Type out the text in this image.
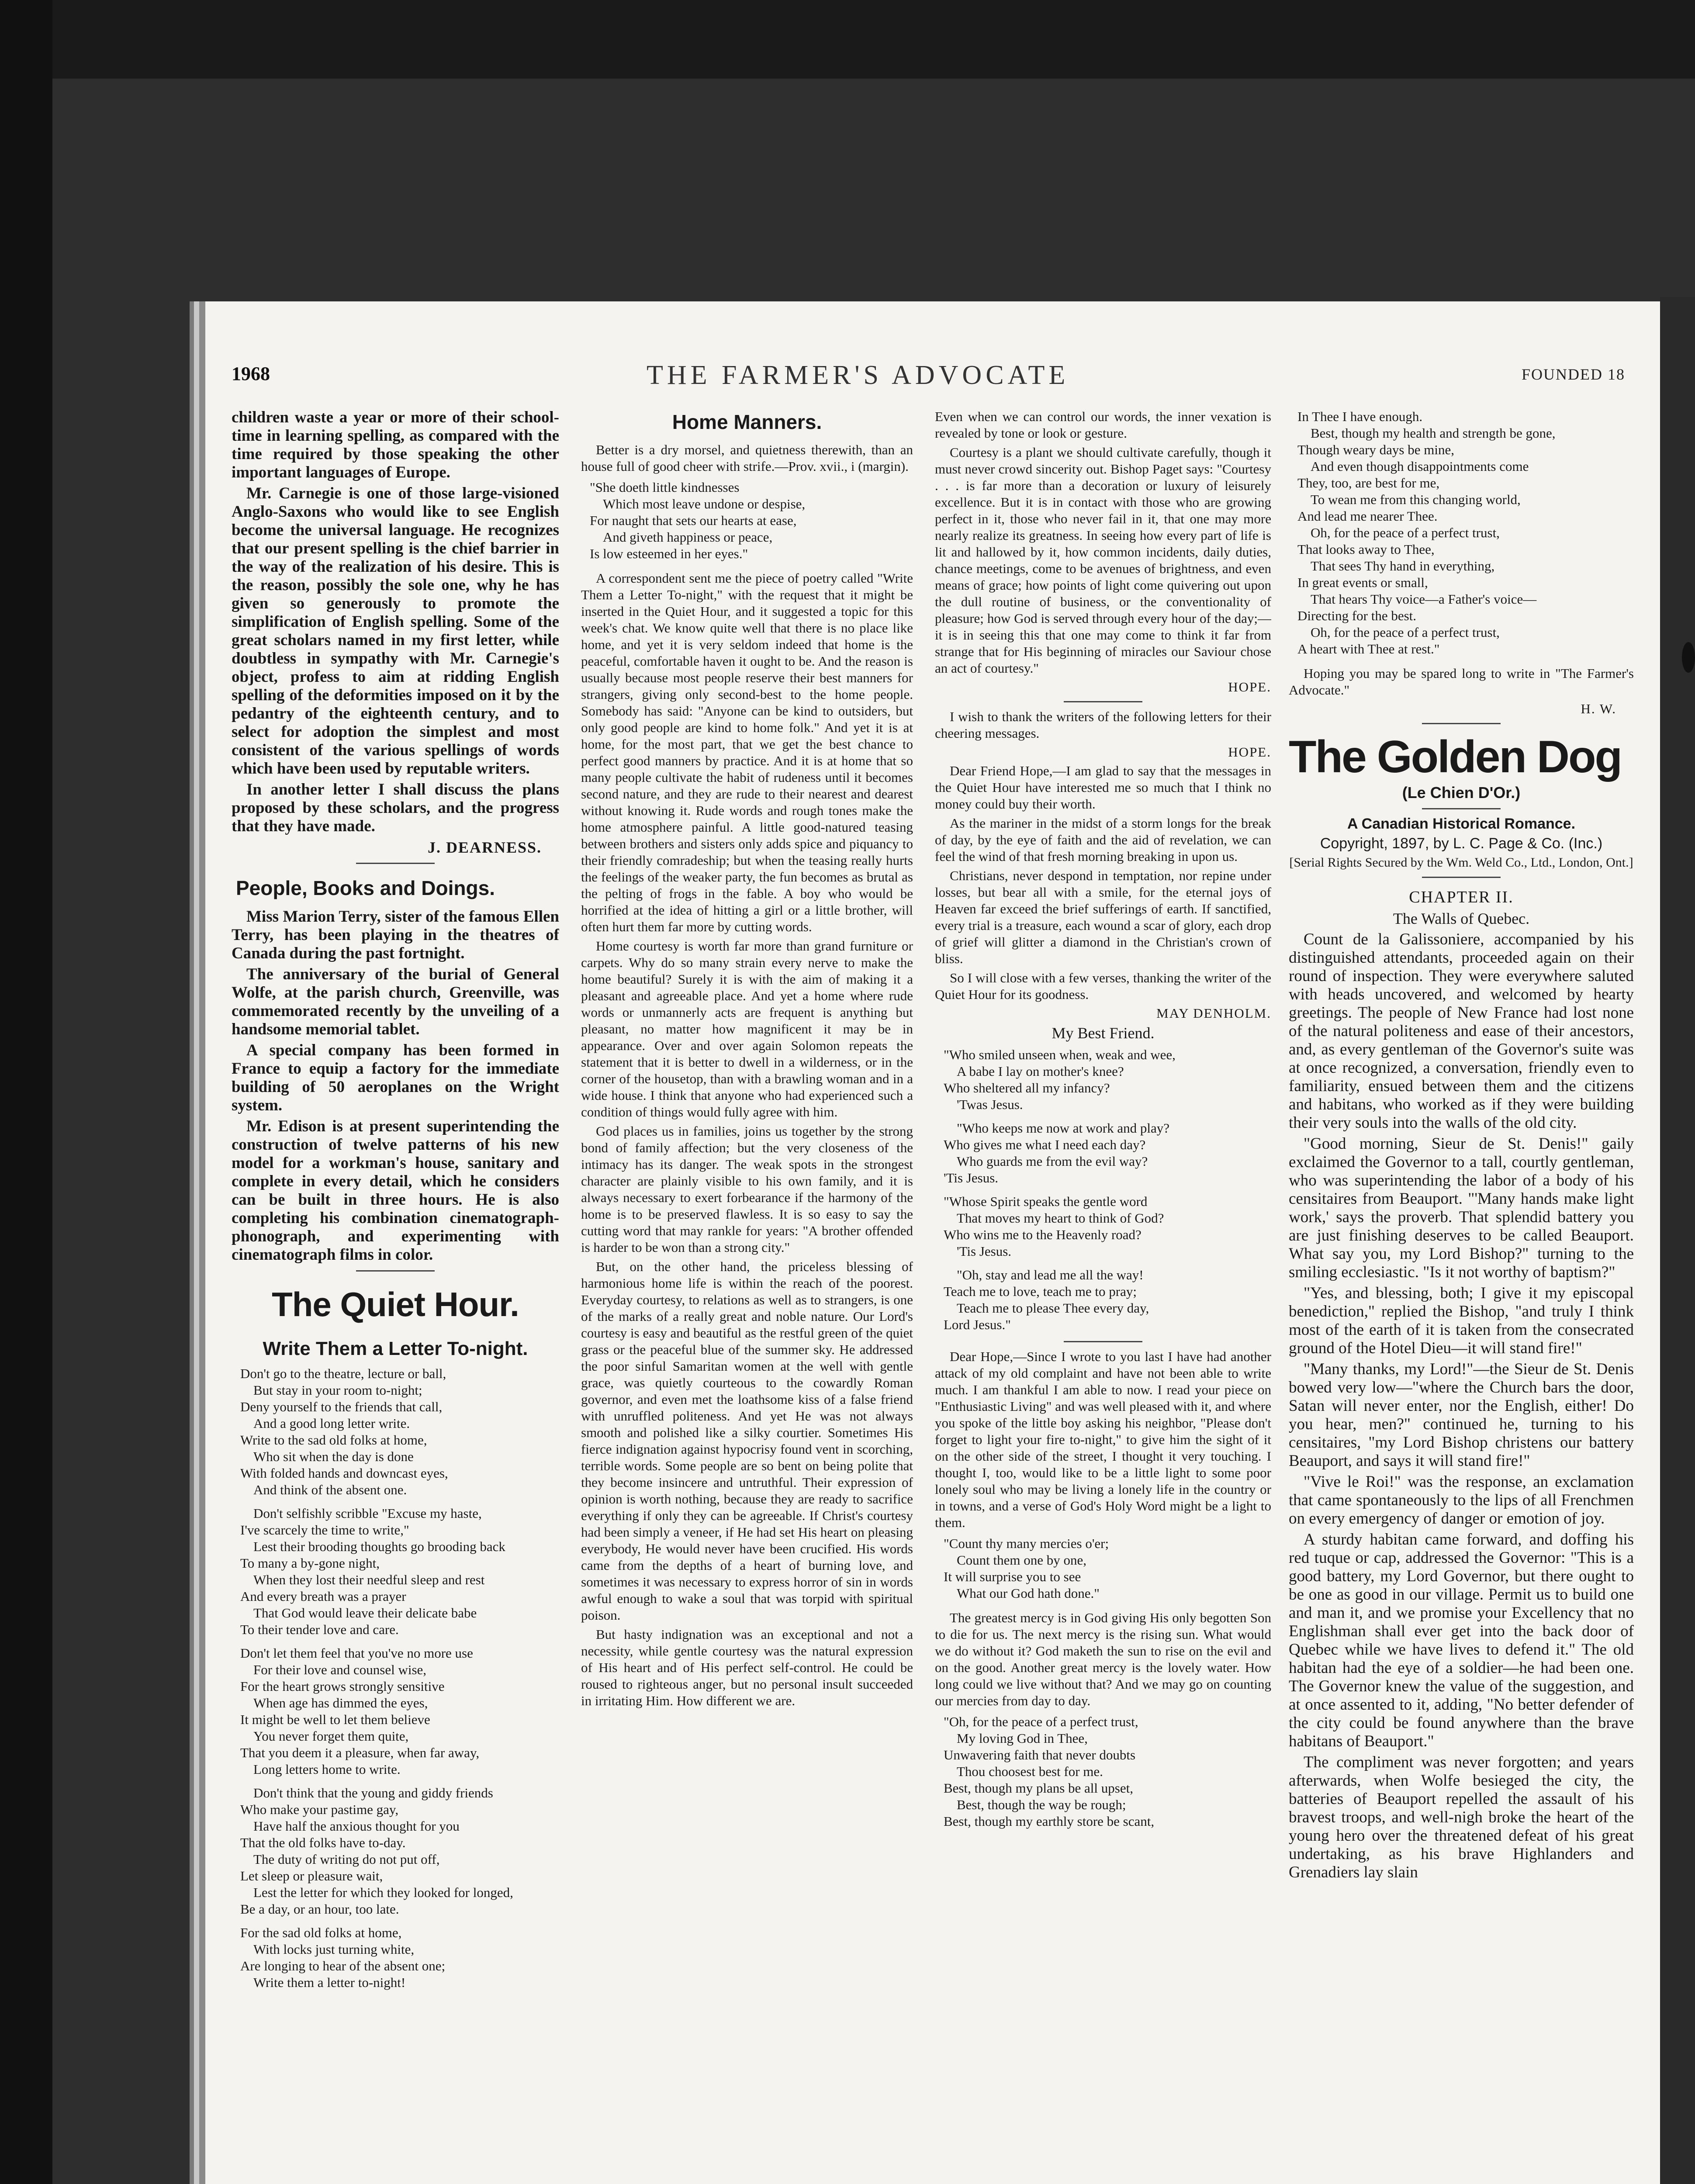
1968	THE FARMER'S ADVOCATE	FOUNDED 18

children waste a year or more of their school-time in learning spelling, as compared with the time required by those speaking the other important languages of Europe.

Mr. Carnegie is one of those large-visioned Anglo-Saxons who would like to see English become the universal language. He recognizes that our present spelling is the chief barrier in the way of the realization of his desire. This is the reason, possibly the sole one, why he has given so generously to promote the simplification of English spelling. Some of the great scholars named in my first letter, while doubtless in sympathy with Mr. Carnegie's object, profess to aim at ridding English spelling of the deformities imposed on it by the pedantry of the eighteenth century, and to select for adoption the simplest and most consistent of the various spellings of words which have been used by reputable writers.

In another letter I shall discuss the plans proposed by these scholars, and the progress that they have made.

J. DEARNESS.
People, Books and Doings.

Miss Marion Terry, sister of the famous Ellen Terry, has been playing in the theatres of Canada during the past fortnight.

The anniversary of the burial of General Wolfe, at the parish church, Greenville, was commemorated recently by the unveiling of a handsome memorial tablet.

A special company has been formed in France to equip a factory for the immediate building of 50 aeroplanes on the Wright system.

Mr. Edison is at present superintending the construction of twelve patterns of his new model for a workman's house, sanitary and complete in every detail, which he considers can be built in three hours. He is also completing his combination cinematograph-phonograph, and experimenting with cinematograph films in color.

The Quiet Hour.
Write Them a Letter To-night.
Don't go to the theatre, lecture or ball,
But stay in your room to-night;
Deny yourself to the friends that call,
And a good long letter write.
Write to the sad old folks at home,
Who sit when the day is done
With folded hands and downcast eyes,
And think of the absent one.

Don't selfishly scribble "Excuse my haste,
I've scarcely the time to write,"
Lest their brooding thoughts go brooding back
To many a by-gone night,
When they lost their needful sleep and rest
And every breath was a prayer
That God would leave their delicate babe
To their tender love and care.

Don't let them feel that you've no more use
For their love and counsel wise,
For the heart grows strongly sensitive
When age has dimmed the eyes,
It might be well to let them believe
You never forget them quite,
That you deem it a pleasure, when far away,
Long letters home to write.

Don't think that the young and giddy friends
Who make your pastime gay,
Have half the anxious thought for you
That the old folks have to-day.
The duty of writing do not put off,
Let sleep or pleasure wait,
Lest the letter for which they looked for longed,
Be a day, or an hour, too late.

For the sad old folks at home,
With locks just turning white,
Are longing to hear of the absent one;
Write them a letter to-night!
Home Manners.

Better is a dry morsel, and quietness therewith, than an house full of good cheer with strife.—Prov. xvii., i (margin).

"She doeth little kindnesses
Which most leave undone or despise,
For naught that sets our hearts at ease,
And giveth happiness or peace,
Is low esteemed in her eyes."

A correspondent sent me the piece of poetry called "Write Them a Letter To-night," with the request that it might be inserted in the Quiet Hour, and it suggested a topic for this week's chat. We know quite well that there is no place like home, and yet it is very seldom indeed that home is the peaceful, comfortable haven it ought to be. And the reason is usually because most people reserve their best manners for strangers, giving only second-best to the home people. Somebody has said: "Anyone can be kind to outsiders, but only good people are kind to home folk." And yet it is at home, for the most part, that we get the best chance to perfect good manners by practice. And it is at home that so many people cultivate the habit of rudeness until it becomes second nature, and they are rude to their nearest and dearest without knowing it. Rude words and rough tones make the home atmosphere painful. A little good-natured teasing between brothers and sisters only adds spice and piquancy to their friendly comradeship; but when the teasing really hurts the feelings of the weaker party, the fun becomes as brutal as the pelting of frogs in the fable. A boy who would be horrified at the idea of hitting a girl or a little brother, will often hurt them far more by cutting words.

Home courtesy is worth far more than grand furniture or carpets. Why do so many strain every nerve to make the home beautiful? Surely it is with the aim of making it a pleasant and agreeable place. And yet a home where rude words or unmannerly acts are frequent is anything but pleasant, no matter how magnificent it may be in appearance. Over and over again Solomon repeats the statement that it is better to dwell in a wilderness, or in the corner of the housetop, than with a brawling woman and in a wide house. I think that anyone who had experienced such a condition of things would fully agree with him.

God places us in families, joins us together by the strong bond of family affection; but the very closeness of the intimacy has its danger. The weak spots in the strongest character are plainly visible to his own family, and it is always necessary to exert forbearance if the harmony of the home is to be preserved flawless. It is so easy to say the cutting word that may rankle for years: "A brother offended is harder to be won than a strong city."

But, on the other hand, the priceless blessing of harmonious home life is within the reach of the poorest. Everyday courtesy, to relations as well as to strangers, is one of the marks of a really great and noble nature. Our Lord's courtesy is easy and beautiful as the restful green of the quiet grass or the peaceful blue of the summer sky. He addressed the poor sinful Samaritan women at the well with gentle grace, was quietly courteous to the cowardly Roman governor, and even met the loathsome kiss of a false friend with unruffled politeness. And yet He was not always smooth and polished like a silky courtier. Sometimes His fierce indignation against hypocrisy found vent in scorching, terrible words. Some people are so bent on being polite that they become insincere and untruthful. Their expression of opinion is worth nothing, because they are ready to sacrifice everything if only they can be agreeable. If Christ's courtesy had been simply a veneer, if He had set His heart on pleasing everybody, He would never have been crucified. His words came from the depths of a heart of burning love, and sometimes it was necessary to express horror of sin in words awful enough to wake a soul that was torpid with spiritual poison.

But hasty indignation was an exceptional and not a necessity, while gentle courtesy was the natural expression of His heart and of His perfect self-control. He could be roused to righteous anger, but no personal insult succeeded in irritating Him. How different we are.

Even when we can control our words, the inner vexation is revealed by tone or look or gesture.

Courtesy is a plant we should cultivate carefully, though it must never crowd sincerity out. Bishop Paget says: "Courtesy . . . is far more than a decoration or luxury of leisurely excellence. But it is in contact with those who are growing perfect in it, those who never fail in it, that one may more nearly realize its greatness. In seeing how every part of life is lit and hallowed by it, how common incidents, daily duties, chance meetings, come to be avenues of brightness, and even means of grace; how points of light come quivering out upon the dull routine of business, or the conventionality of pleasure; how God is served through every hour of the day;—it is in seeing this that one may come to think it far from strange that for His beginning of miracles our Saviour chose an act of courtesy."

HOPE.

I wish to thank the writers of the following letters for their cheering messages.

HOPE.

Dear Friend Hope,—I am glad to say that the messages in the Quiet Hour have interested me so much that I think no money could buy their worth.

As the mariner in the midst of a storm longs for the break of day, by the eye of faith and the aid of revelation, we can feel the wind of that fresh morning breaking in upon us.

Christians, never despond in temptation, nor repine under losses, but bear all with a smile, for the eternal joys of Heaven far exceed the brief sufferings of earth. If sanctified, every trial is a treasure, each wound a scar of glory, each drop of grief will glitter a diamond in the Christian's crown of bliss.

So I will close with a few verses, thanking the writer of the Quiet Hour for its goodness.

MAY DENHOLM.
My Best Friend.
"Who smiled unseen when, weak and wee,
A babe I lay on mother's knee?
Who sheltered all my infancy?
'Twas Jesus.

"Who keeps me now at work and play?
Who gives me what I need each day?
Who guards me from the evil way?
'Tis Jesus.

"Whose Spirit speaks the gentle word
That moves my heart to think of God?
Who wins me to the Heavenly road?
'Tis Jesus.

"Oh, stay and lead me all the way!
Teach me to love, teach me to pray;
Teach me to please Thee every day,
Lord Jesus."

Dear Hope,—Since I wrote to you last I have had another attack of my old complaint and have not been able to write much. I am thankful I am able to now. I read your piece on "Enthusiastic Living" and was well pleased with it, and where you spoke of the little boy asking his neighbor, "Please don't forget to light your fire to-night," to give him the sight of it on the other side of the street, I thought it very touching. I thought I, too, would like to be a little light to some poor lonely soul who may be living a lonely life in the country or in towns, and a verse of God's Holy Word might be a light to them.

"Count thy many mercies o'er;
Count them one by one,
It will surprise you to see
What our God hath done."

The greatest mercy is in God giving His only begotten Son to die for us. The next mercy is the rising sun. What would we do without it? God maketh the sun to rise on the evil and on the good. Another great mercy is the lovely water. How long could we live without that? And we may go on counting our mercies from day to day.

"Oh, for the peace of a perfect trust,
My loving God in Thee,
Unwavering faith that never doubts
Thou choosest best for me.
Best, though my plans be all upset,
Best, though the way be rough;
Best, though my earthly store be scant,
In Thee I have enough.
Best, though my health and strength be gone,
Though weary days be mine,
And even though disappointments come
They, too, are best for me,
To wean me from this changing world,
And lead me nearer Thee.
Oh, for the peace of a perfect trust,
That looks away to Thee,
That sees Thy hand in everything,
In great events or small,
That hears Thy voice—a Father's voice—
Directing for the best.
Oh, for the peace of a perfect trust,
A heart with Thee at rest."

Hoping you may be spared long to write in "The Farmer's Advocate."

H. W.
The Golden Dog
(Le Chien D'Or.)
A Canadian Historical Romance.
Copyright, 1897, by L. C. Page & Co. (Inc.)
[Serial Rights Secured by the Wm. Weld Co., Ltd., London, Ont.]
CHAPTER II.
The Walls of Quebec.

Count de la Galissoniere, accompanied by his distinguished attendants, proceeded again on their round of inspection. They were everywhere saluted with heads uncovered, and welcomed by hearty greetings. The people of New France had lost none of the natural politeness and ease of their ancestors, and, as every gentleman of the Governor's suite was at once recognized, a conversation, friendly even to familiarity, ensued between them and the citizens and habitans, who worked as if they were building their very souls into the walls of the old city.

"Good morning, Sieur de St. Denis!" gaily exclaimed the Governor to a tall, courtly gentleman, who was superintending the labor of a body of his censitaires from Beauport. "'Many hands make light work,' says the proverb. That splendid battery you are just finishing deserves to be called Beauport. What say you, my Lord Bishop?" turning to the smiling ecclesiastic. "Is it not worthy of baptism?"

"Yes, and blessing, both; I give it my episcopal benediction," replied the Bishop, "and truly I think most of the earth of it is taken from the consecrated ground of the Hotel Dieu—it will stand fire!"

"Many thanks, my Lord!"—the Sieur de St. Denis bowed very low—"where the Church bars the door, Satan will never enter, nor the English, either! Do you hear, men?" continued he, turning to his censitaires, "my Lord Bishop christens our battery Beauport, and says it will stand fire!"

"Vive le Roi!" was the response, an exclamation that came spontaneously to the lips of all Frenchmen on every emergency of danger or emotion of joy.

A sturdy habitan came forward, and doffing his red tuque or cap, addressed the Governor: "This is a good battery, my Lord Governor, but there ought to be one as good in our village. Permit us to build one and man it, and we promise your Excellency that no Englishman shall ever get into the back door of Quebec while we have lives to defend it." The old habitan had the eye of a soldier—he had been one. The Governor knew the value of the suggestion, and at once assented to it, adding, "No better defender of the city could be found anywhere than the brave habitans of Beauport."

The compliment was never forgotten; and years afterwards, when Wolfe besieged the city, the batteries of Beauport repelled the assault of his bravest troops, and well-nigh broke the heart of the young hero over the threatened defeat of his great undertaking, as his brave Highlanders and Grenadiers lay slain
